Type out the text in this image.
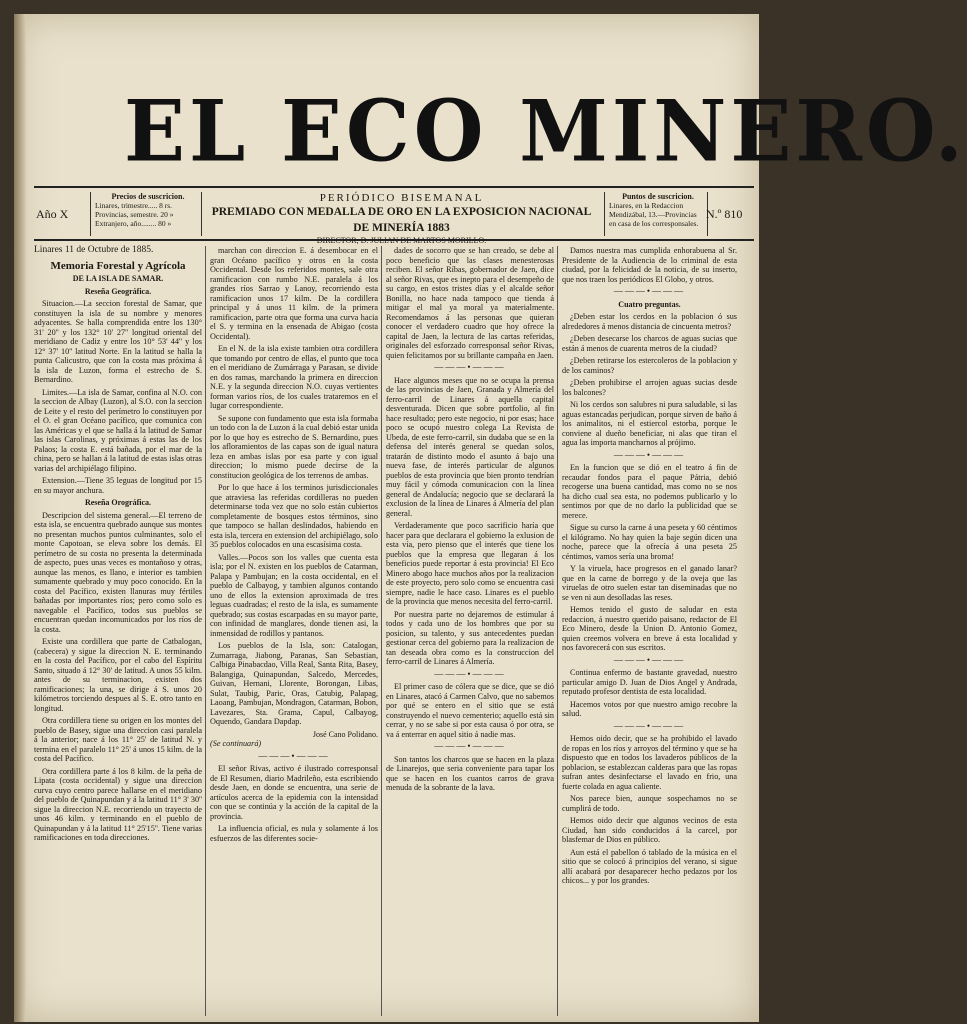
EL ECO MINERO.
Año X
Precios de suscricion.
Linares, trimestre..... 8 rs.
Provincias, semestre. 20 »
Extranjero, año........ 80 »
PERIÓDICO BISEMANAL
PREMIADO CON MEDALLA DE ORO EN LA EXPOSICION NACIONAL DE MINERÍA 1883
Puntos de suscricion.
Linares, en la Redaccion
Mendizábal, 13.—Provincias
en casa de los corresponsales.
N.º 810
Linares 11 de Octubre de 1885.
Memoria Forestal y Agrícola
DE LA ISLA DE SAMAR.
Reseña Geográfica.

Situacion.—La seccion forestal de Samar, que constituyen la isla de su nombre y menores adyacentes. Se halla comprendida entre los 130° 31' 20'' y los 132° 10' 27'' longitud oriental del meridiano de Cadiz y entre los 10° 53' 44'' y los 12° 37' 10'' latitud Norte. En la latitud se halla la punta Calicustro, que con la costa mas próxima á la isla de Luzon, forma el estrecho de S. Bernardino.

Limites.—La isla de Samar, confina al N.O. con la seccion de Albay (Luzon), al S.O. con la seccion de Leite y el resto del perímetro lo constituyen por el O. el gran Océano pacífico, que comunica con las Américas y el que se halla á la latitud de Samar las islas Carolinas, y próximas á estas las de los Palaos; la costa E. está bañada, por el mar de la china, pero se hallan á la latitud de estas islas otras varias del archipiélago filipino.

Extension.—Tiene 35 leguas de longitud por 15 en su mayor anchura.

Reseña Orográfica.

Descripcion del sistema general.—El terreno de esta isla, se encuentra quebrado aunque sus montes no presentan muchos puntos culminantes, solo el monte Capotoan, se eleva sobre los demás. El perímetro de su costa no presenta la determinada de aspecto, pues unas veces es montañoso y otras, aunque las menos, es llano, e interior es tambien sumamente quebrado y muy poco conocido. En la costa del Pacífico, existen llanuras muy fértiles bañadas por importantes ríos; pero como solo es navegable el Pacífico, todos sus pueblos se encuentran quedan incomunicados por los ríos de la costa.

Existe una cordillera que parte de Catbalogan, (cabecera) y sigue la direccion N. E. terminando en la costa del Pacífico, por el cabo del Espíritu Santo, situado á 12° 30' de latitud. A unos 55 kilm. antes de su terminacion, existen dos ramificaciones; la una, se dirige á S. unos 20 kilómetros torciendo despues al S. E. otro tanto en longitud.

Otra cordillera tiene su origen en los montes del pueblo de Basey, sigue una direccion casi paralela á la anterior; nace á los 11° 25' de latitud N. y termina en el paralelo 11° 25' á unos 15 kilm. de la costa del Pacífico.

Otra cordillera parte á los 8 kilm. de la peña de Lipata (costa occidental) y sigue una direccion curva cuyo centro parece hallarse en el meridiano del pueblo de Quinapundan y á la latitud 11° 3' 30'' sigue la direccion N.E. recorriendo un trayecto de unos 46 kilm. y terminando en el pueblo de Quinapundan y á la latitud 11° 25'15''. Tiene varias ramificaciones en toda direcciones.

marchan con direccion E. á desembocar en el gran Océano pacífico y otros en la costa Occidental. Desde los referidos montes, sale otra ramificacion con rumbo N.E. paralela á los grandes ríos Sarrao y Lanoy, recorriendo esta ramificacion unos 17 kilm. De la cordillera principal y á unos 11 kilm. de la primera ramificacion, parte otra que forma una curva hacia el S. y termina en la ensenada de Abigao (costa Occidental).

En el N. de la isla existe tambien otra cordillera que tomando por centro de ellas, el punto que toca en el meridiano de Zumárraga y Parasan, se divide en dos ramas, marchando la primera en direccion N.E. y la segunda direccion N.O. cuyas vertientes forman varios ríos, de los cuales trataremos en el lugar correspondiente.

Se supone con fundamento que esta isla formaba un todo con la de Luzon á la cual debió estar unida por lo que hoy es estrecho de S. Bernardino, pues los afloramientos de las capas son de igual natura leza en ambas islas por esa parte y con igual direccion; lo mismo puede decirse de la constitucion geológica de los terrenos de ambas.

Por lo que hace á los terminos jurisdiccionales que atraviesa las referidas cordilleras no pueden determinarse toda vez que no solo están cubiertos completamente de bosques estos términos, sino que tampoco se hallan deslindados, habiendo en esta isla, tercera en extension del archipiélago, solo 35 pueblos colocados en una escasísima costa.

Valles.—Pocos son los valles que cuenta esta isla; por el N. existen en los pueblos de Catarman, Palapa y Pambujan; en la costa occidental, en el pueblo de Calbayog, y tambien algunos contando uno de ellos la extension aproximada de tres leguas cuadradas; el resto de la isla, es sumamente quebrado; sus costas escarpadas en su mayor parte, con infinidad de manglares, donde tienen asi, la inmensidad de rodillos y pantanos.

Los pueblos de la Isla, son: Catalogan, Zumarraga, Jiabong, Paranas, San Sebastian, Calbiga Pinabacdao, Villa Real, Santa Rita, Basey, Balangiga, Quinapundan, Salcedo, Mercedes, Guivan, Hernani, Llorente, Borongan, Libas, Sulat, Taubig, Paric, Oras, Catubig, Palapag, Laoang, Pambujan, Mondragon, Catarman, Bobon, Lavezares, Sta. Grama, Capul, Calbayog, Oquendo, Gandara Dapdap.

José Cano Polidano.
(Se continuará)
———•———

El señor Rivas, activo é ilustrado corresponsal de El Resumen, diario Madrileño, esta escribiendo desde Jaen, en donde se encuentra, una serie de artículos acerca de la epidemia con la intensidad con que se continúa y la acción de la capital de la provincia.

La influencia oficial, es nula y solamente á los esfuerzos de las diferentes socie-

dades de socorro que se han creado, se debe al poco beneficio que las clases menesterosas reciben. El señor Ríbas, gobernador de Jaen, dice al señor Rivas, que es inepto para el desempeño de su cargo, en estos tristes días y el alcalde señor Bonilla, no hace nada tampoco que tienda á mitigar el mal ya moral ya materialmente. Recomendamos á las personas que quieran conocer el verdadero cuadro que hoy ofrece la capital de Jaen, la lectura de las cartas referidas, originales del esforzado corresponsal señor Rivas, quien felicitamos por su brillante campaña en Jaen.

———•———

Hace algunos meses que no se ocupa la prensa de las provincias de Jaen, Granada y Almería del ferro-carril de Linares á aquella capital desventurada. Dicen que sobre portfolio, al fin hace resultado; pero este negocio, ni por esas; hace poco se ocupó nuestro colega La Revista de Ubeda, de este ferro-carril, sin dudaba que se en la defensa del interés general se quedan solos, tratarán de distinto modo el asunto á bajo una nueva fase, de interés particular de algunos pueblos de esta provincia que bien pronto tendrían muy fácil y cómoda comunicacion con la línea general de Andalucía; negocio que se declarará la exclusion de la línea de Linares á Almería del plan general.

Verdaderamente que poco sacrificio haría que hacer para que declarara el gobierno la exlusion de esta vía, pero pienso que el interés que tiene los pueblos que la empresa que llegaran á los beneficios puede reportar á esta provincia! El Eco Minero abogo hace muchos años por la realizacion de este proyecto, pero solo como se encuentra casi siempre, nadie le hace caso. Linares es el pueblo de la provincia que menos necesita del ferro-carril.

Por nuestra parte no dejaremos de estimular á todos y cada uno de los hombres que por su posicion, su talento, y sus antecedentes puedan gestionar cerca del gobierno para la realizacion de tan deseada obra como es la construccion del ferro-carril de Linares á Almería.

———•———

El primer caso de cólera que se dice, que se dió en Linares, atacó á Carmen Calvo, que no sabemos por qué se entero en el sitio que se está construyendo el nuevo cementerio; aquello está sin cerrar, y no se sabe si por esta causa ó por otra, se va á enterrar en aquel sitio á nadie mas.

———•———

Son tantos los charcos que se hacen en la plaza de Linarejos, que seria conveniente para tapar los que se hacen en los cuantos carros de grava menuda de la sobrante de la lava.

Damos nuestra mas cumplida enhorabuena al Sr. Presidente de la Audiencia de lo criminal de esta ciudad, por la felicidad de la noticia, de su inserto, que nos traen los periódicos El Globo, y otros.

———•———
Cuatro preguntas.

¿Deben estar los cerdos en la poblacion ó sus alrededores á menos distancia de cincuenta metros?

¿Deben desecarse los charcos de aguas sucias que están á menos de cuarenta metros de la ciudad?

¿Deben retirarse los estercoleros de la poblacion y de los caminos?

¿Deben prohibirse el arrojen aguas sucias desde los balcones?

Ni los cerdos son salubres ni pura saludable, si las aguas estancadas perjudican, porque sirven de baño á los animalitos, ni el estiercol estorba, porque le conviene al dueño beneficiar, ni alas que tiran el agua las importa mancharnos al prójimo.

———•———

En la funcion que se dió en el teatro á fin de recaudar fondos para el paque Pátria, debió recogerse una buena cantidad, mas como no se nos ha dicho cual sea esta, no podemos publicarlo y lo sentimos por que de no darlo la publicidad que se merece.

Sigue su curso la carne á una peseta y 60 céntimos el kilógramo. No hay quien la baje según dicen una noche, parece que la ofrecía á una peseta 25 céntimos, vamos sería una broma!

Y la viruela, hace progresos en el ganado lanar? que en la carne de borrego y de la oveja que las viruelas de otro suelen estar tan diseminadas que no se ven ni aun desolladas las reses.

Hemos tenido el gusto de saludar en esta redaccion, á nuestro querido paisano, redactor de El Eco Minero, desde la Union D. Antonio Gomez, quien creemos volvera en breve á esta localidad y nos favorecerá con sus escritos.

———•———

Continua enfermo de bastante gravedad, nuestro particular amigo D. Juan de Dios Angel y Andrada, reputado profesor dentista de esta localidad.

Hacemos votos por que nuestro amigo recobre la salud.

———•———

Hemos oido decir, que se ha prohibido el lavado de ropas en los ríos y arroyos del término y que se ha dispuesto que en todos los lavaderos públicos de la poblacion, se establezcan calderas para que las ropas sufran antes desinfectarse el lavado en frio, una fuerte colada en agua caliente.

Nos parece bien, aunque sospechamos no se cumplirá de todo.

Hemos oido decir que algunos vecinos de esta Ciudad, han sido conducidos á la carcel, por blasfemar de Dios en público.

Aun está el pabellon ó tablado de la música en el sitio que se colocó á principios del verano, si sigue allí acabará por desaparecer hecho pedazos por los chicos... y por los grandes.
